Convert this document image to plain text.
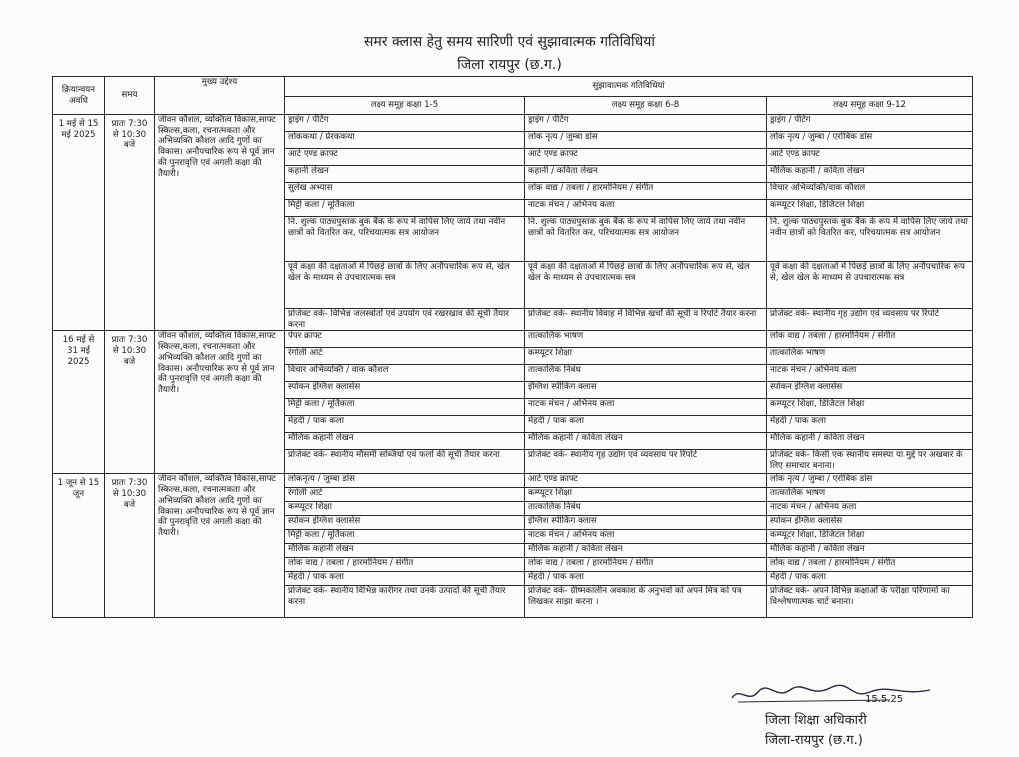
समर क्लास हेतु समय सारिणी एवं सुझावात्मक गतिविधियां
जिला रायपुर (छ.ग.)
क्रियान्वयन अवधि	समय	मुख्य उद्देश्य	सुझावात्मक गतिविधियां		
			लक्ष्य समूह कक्षा 1-5	लक्ष्य समूह कक्षा 6-8	लक्ष्य समूह कक्षा 9-12
1 मई से 15 मई 2025	प्रातः 7:30 से 10:30 बजे	जीवन कौशल, व्यक्तित्व विकास,साफ्ट स्किल्स,कला, रचनात्मकता और अभिव्यक्ति कौशल आदि गुणों का विकास। अनौपचारिक रूप से पूर्व ज्ञान की पुनरावृत्ति एवं अगली कक्षा की तैयारी।	ड्राइंग / पेंटिंग	ड्राइंग / पेंटिंग	ड्राइंग / पेंटिंग
			लोककथा / प्रेरककथा	लोक नृत्य / जुम्बा डांस	लोक नृत्य / जुम्बा / एरोबिक डांस
			आर्ट एण्ड क्राफ्ट	आर्ट एण्ड क्राफ्ट	आर्ट एण्ड क्राफ्ट
			कहानी लेखन	कहानी / कविता लेखन	मौलिक कहानी / कविता लेखन
			सुलेख अभ्यास	लोक वाद्य / तबला / हारमोनियम / संगीत	विचार अभिव्यक्ति/वाक कौशल
			मिट्टी कला / मूर्तिकला	नाटक मंचन / अभिनय कला	कम्प्यूटर शिक्षा, डिजिटल शिक्षा
			नि. शुल्क पाठ्यपुस्तक बुक बैंक के रूप में वापिस लिए जाये तथा नवीन छात्रों को वितरित कर, परिचयात्मक सत्र आयोजन	नि. शुल्क पाठ्यपुस्तक बुक बैंक के रूप में वापिस लिए जाये तथा नवीन छात्रों को वितरित कर, परिचयात्मक सत्र आयोजन	नि. शुल्क पाठ्यपुस्तक बुक बैंक के रूप में वापिस लिए जाये तथा नवीन छात्रों को वितरित कर, परिचयात्मक सत्र आयोजन
			पूर्व कक्षा की दक्षताओं में पिछड़े छात्रों के लिए अनौपचारिक रूप से, खेल खेल के माध्यम से उपचारात्मक सत्र	पूर्व कक्षा की दक्षताओं में पिछड़े छात्रों के लिए अनौपचारिक रूप से, खेल खेल के माध्यम से उपचारात्मक सत्र	पूर्व कक्षा की दक्षताओं में पिछड़े छात्रों के लिए अनौपचारिक रूप से, खेल खेल के माध्यम से उपचारात्मक सत्र
			प्रोजेक्ट वर्क- विभिन्न जलस्त्रोतों एवं उपयोग एवं रखरखाव की सूची तैयार करना	प्रोजेक्ट वर्क- स्थानीय विवाह में विभिन्न खर्चों की सूची व रिपोर्ट तैयार करना	प्रोजेक्ट वर्क- स्थानीय गृह उद्योग एवं व्यवसाय पर रिपोर्ट
16 मई से 31 मई 2025	प्रातः 7:30 से 10:30 बजे	जीवन कौशल, व्यक्तित्व विकास,साफ्ट स्किल्स,कला, रचनात्मकता और अभिव्यक्ति कौशल आदि गुणों का विकास। अनौपचारिक रूप से पूर्व ज्ञान की पुनरावृत्ति एवं अगली कक्षा की तैयारी।	पेपर क्राफ्ट	तात्कालिक भाषण	लोक वाद्य / तबला / हारमोनियम / संगीत
			रंगोली आर्ट	कम्प्यूटर शिक्षा	तात्कालिक भाषण
			विचार अभिव्यक्ति / वाक कौशल	तात्कालिक निबंध	नाटक मंचन / अभिनय कला
			स्पोकन इंग्लिश क्लासेस	इंग्लिश स्पीकिंग क्लास	स्पोकन इंग्लिश क्लासेस
			मिट्टी कला / मूर्तिकला	नाटक मंचन / अभिनय कला	कम्प्यूटर शिक्षा, डिजिटल शिक्षा
			मेंहदी / पाक कला	मेंहदी / पाक कला	मेंहदी / पाक कला
			मौलिक कहानी लेखन	मौलिक कहानी / कविता लेखन	मौलिक कहानी / कविता लेखन
			प्रोजेक्ट वर्क- स्थानीय मौसमी सब्जियों एवं फलों की सूची तैयार करना	प्रोजेक्ट वर्क- स्थानीय गृह उद्योग एवं व्यवसाय पर रिपोर्ट	प्रोजेक्ट वर्क- किसी एक स्थानीय समस्या या मुद्दे पर अखबार के लिए समाचार बनाना।
1 जून से 15 जून	प्रातः 7:30 से 10:30 बजे	जीवन कौशल, व्यक्तित्व विकास,साफ्ट स्किल्स,कला, रचनात्मकता और अभिव्यक्ति कौशल आदि गुणों का विकास। अनौपचारिक रूप से पूर्व ज्ञान की पुनरावृत्ति एवं अगली कक्षा की तैयारी।	लोकनृत्य / जुम्बा डांस	आर्ट एण्ड क्राफ्ट	लोक नृत्य / जुम्बा / एरोबिक डांस
			रंगोली आर्ट	कम्प्यूटर शिक्षा	तात्कालिक भाषण
			कम्प्यूटर शिक्षा	तात्कालिक निबंध	नाटक मंचन / अभिनय कला
			स्पोकन इंग्लिश क्लासेस	इंग्लिश स्पीकिंग क्लास	स्पोकन इंग्लिश क्लासेस
			मिट्टी कला / मूर्तिकला	नाटक मंचन / अभिनय कला	कम्प्यूटर शिक्षा, डिजिटल शिक्षा
			मौलिक कहानी लेखन	मौलिक कहानी / कविता लेखन	मौलिक कहानी / कविता लेखन
			लोक वाद्य / तबला / हारमोनियम / संगीत	लोक वाद्य / तबला / हारमोनियम / संगीत	लोक वाद्य / तबला / हारमोनियम / संगीत
			मेंहदी / पाक कला	मेंहदी / पाक कला	मेंहदी / पाक कला
			प्रोजेक्ट वर्क- स्थानीय विभिन्न कारीगर तथा उनके उत्पादों की सूची तैयार करना	प्रोजेक्ट वर्क- ग्रीष्मकालीन अवकाश के अनुभवों को अपने मित्र को पत्र लिखकर साझा करना ।	प्रोजेक्ट वर्क- अपने विभिन्न कक्षाओं के परीक्षा परिणामों का विश्लेषणात्मक चार्ट बनाना।
15.5.25
जिला शिक्षा अधिकारी
जिला-रायपुर (छ.ग.)
